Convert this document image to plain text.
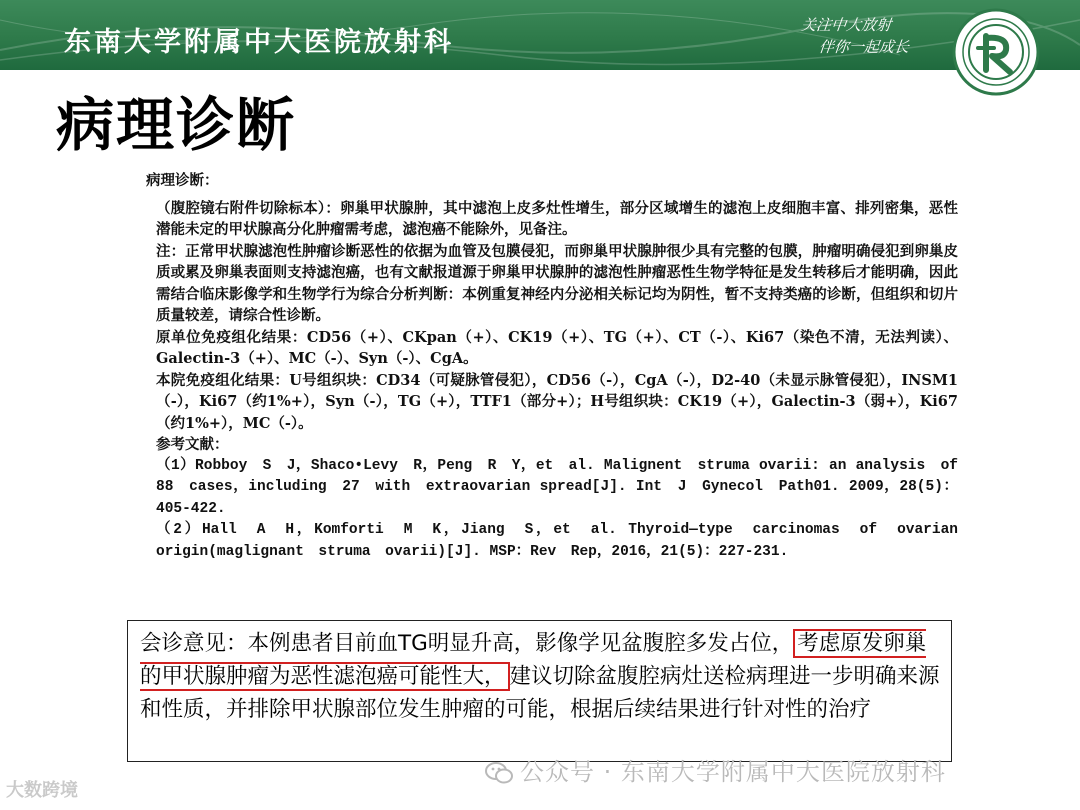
东南大学附属中大医院放射科
关注中大放射
伴你一起成长
病理诊断

病理诊断：

（腹腔镜右附件切除标本）：卵巢甲状腺肿，其中滤泡上皮多灶性增生，部分区域增生的滤泡上皮细胞丰富、排列密集，恶性潜能未定的甲状腺高分化肿瘤需考虑，滤泡癌不能除外，见备注。

注：正常甲状腺滤泡性肿瘤诊断恶性的依据为血管及包膜侵犯，而卵巢甲状腺肿很少具有完整的包膜，肿瘤明确侵犯到卵巢皮质或累及卵巢表面则支持滤泡癌，也有文献报道源于卵巢甲状腺肿的滤泡性肿瘤恶性生物学特征是发生转移后才能明确，因此需结合临床影像学和生物学行为综合分析判断：本例重复神经内分泌相关标记均为阴性，暂不支持类癌的诊断，但组织和切片质量较差，请综合性诊断。

原单位免疫组化结果：CD56（+）、CKpan（+）、CK19（+）、TG（+）、CT（-）、Ki67（染色不清，无法判读）、Galectin-3（+）、MC（-）、Syn（-）、CgA。

本院免疫组化结果：U号组织块：CD34（可疑脉管侵犯），CD56（-），CgA（-），D2-40（未显示脉管侵犯），INSM1（-），Ki67（约1%+），Syn（-），TG（+），TTF1（部分+）；H号组织块：CK19（+），Galectin-3（弱+），Ki67（约1%+），MC（-）。

参考文献：

（1）Robboy　S　J，Shaco•Levy　R，Peng　R　Y，et　al. Malignent　struma ovarii: an analysis　of　88　cases，including　27　with　extraovarian spread[J]. Int　J　Gynecol　Path01. 2009，28(5)：405-422.

（2）Hall　A　H，Komforti　M　K，Jiang　S，et　al. Thyroid—type　carcinomas　of　ovarian　origin(maglignant　struma　ovarii)[J]. MSP：Rev　Rep，2016，21(5)：227-231.

会诊意见：本例患者目前血TG明显升高，影像学见盆腹腔多发占位， 考虑原发卵巢的甲状腺肿瘤为恶性滤泡癌可能性大， 建议切除盆腹腔病灶送检病理进一步明确来源和性质，并排除甲状腺部位发生肿瘤的可能，根据后续结果进行针对性的治疗
公众号 · 东南大学附属中大医院放射科
大数跨境
